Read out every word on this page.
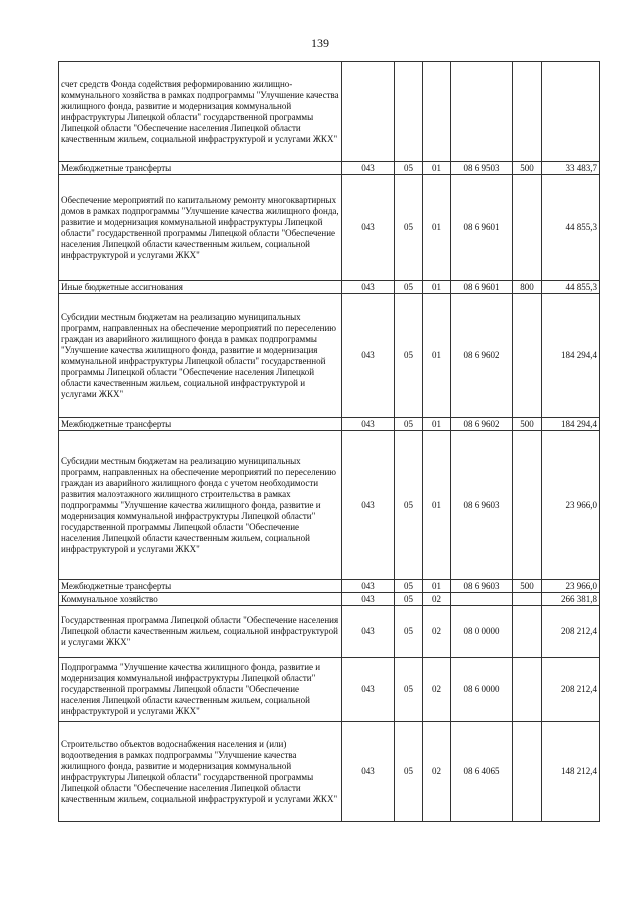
139
счет средств Фонда содействия реформированию жилищно-коммунального хозяйства в рамках подпрограммы "Улучшение качества жилищного фонда, развитие и модернизация коммунальной инфраструктуры Липецкой области" государственной программы Липецкой области "Обеспечение населения Липецкой области качественным жильем, социальной инфраструктурой и услугами ЖКХ"						
Межбюджетные трансферты	043	05	01	08 6 9503	500	33 483,7
Обеспечение мероприятий по капитальному ремонту многоквартирных домов в рамках подпрограммы "Улучшение качества жилищного фонда, развитие и модернизация коммунальной инфраструктуры Липецкой области" государственной программы Липецкой области "Обеспечение населения Липецкой области качественным жильем, социальной инфраструктурой и услугами ЖКХ"	043	05	01	08 6 9601		44 855,3
Иные бюджетные ассигнования	043	05	01	08 6 9601	800	44 855,3
Субсидии местным бюджетам на реализацию муниципальных программ, направленных на обеспечение мероприятий по переселению граждан из аварийного жилищного фонда в рамках подпрограммы "Улучшение качества жилищного фонда, развитие и модернизация коммунальной инфраструктуры Липецкой области" государственной программы Липецкой области "Обеспечение населения Липецкой области качественным жильем, социальной инфраструктурой и услугами ЖКХ"	043	05	01	08 6 9602		184 294,4
Межбюджетные трансферты	043	05	01	08 6 9602	500	184 294,4
Субсидии местным бюджетам на реализацию муниципальных программ, направленных на обеспечение мероприятий по переселению граждан из аварийного жилищного фонда с учетом необходимости развития малоэтажного жилищного строительства в рамках подпрограммы "Улучшение качества жилищного фонда, развитие и модернизация коммунальной инфраструктуры Липецкой области" государственной программы Липецкой области "Обеспечение населения Липецкой области качественным жильем, социальной инфраструктурой и услугами ЖКХ"	043	05	01	08 6 9603		23 966,0
Межбюджетные трансферты	043	05	01	08 6 9603	500	23 966,0
Коммунальное хозяйство	043	05	02			266 381,8
Государственная программа Липецкой области "Обеспечение населения Липецкой области качественным жильем, социальной инфраструктурой и услугами ЖКХ"	043	05	02	08 0 0000		208 212,4
Подпрограмма "Улучшение качества жилищного фонда, развитие и модернизация коммунальной инфраструктуры Липецкой области" государственной программы Липецкой области "Обеспечение населения Липецкой области качественным жильем, социальной инфраструктурой и услугами ЖКХ"	043	05	02	08 6 0000		208 212,4
Строительство объектов водоснабжения населения и (или) водоотведения в рамках подпрограммы "Улучшение качества жилищного фонда, развитие и модернизация коммунальной инфраструктуры Липецкой области" государственной программы Липецкой области "Обеспечение населения Липецкой области качественным жильем, социальной инфраструктурой и услугами ЖКХ"	043	05	02	08 6 4065		148 212,4
